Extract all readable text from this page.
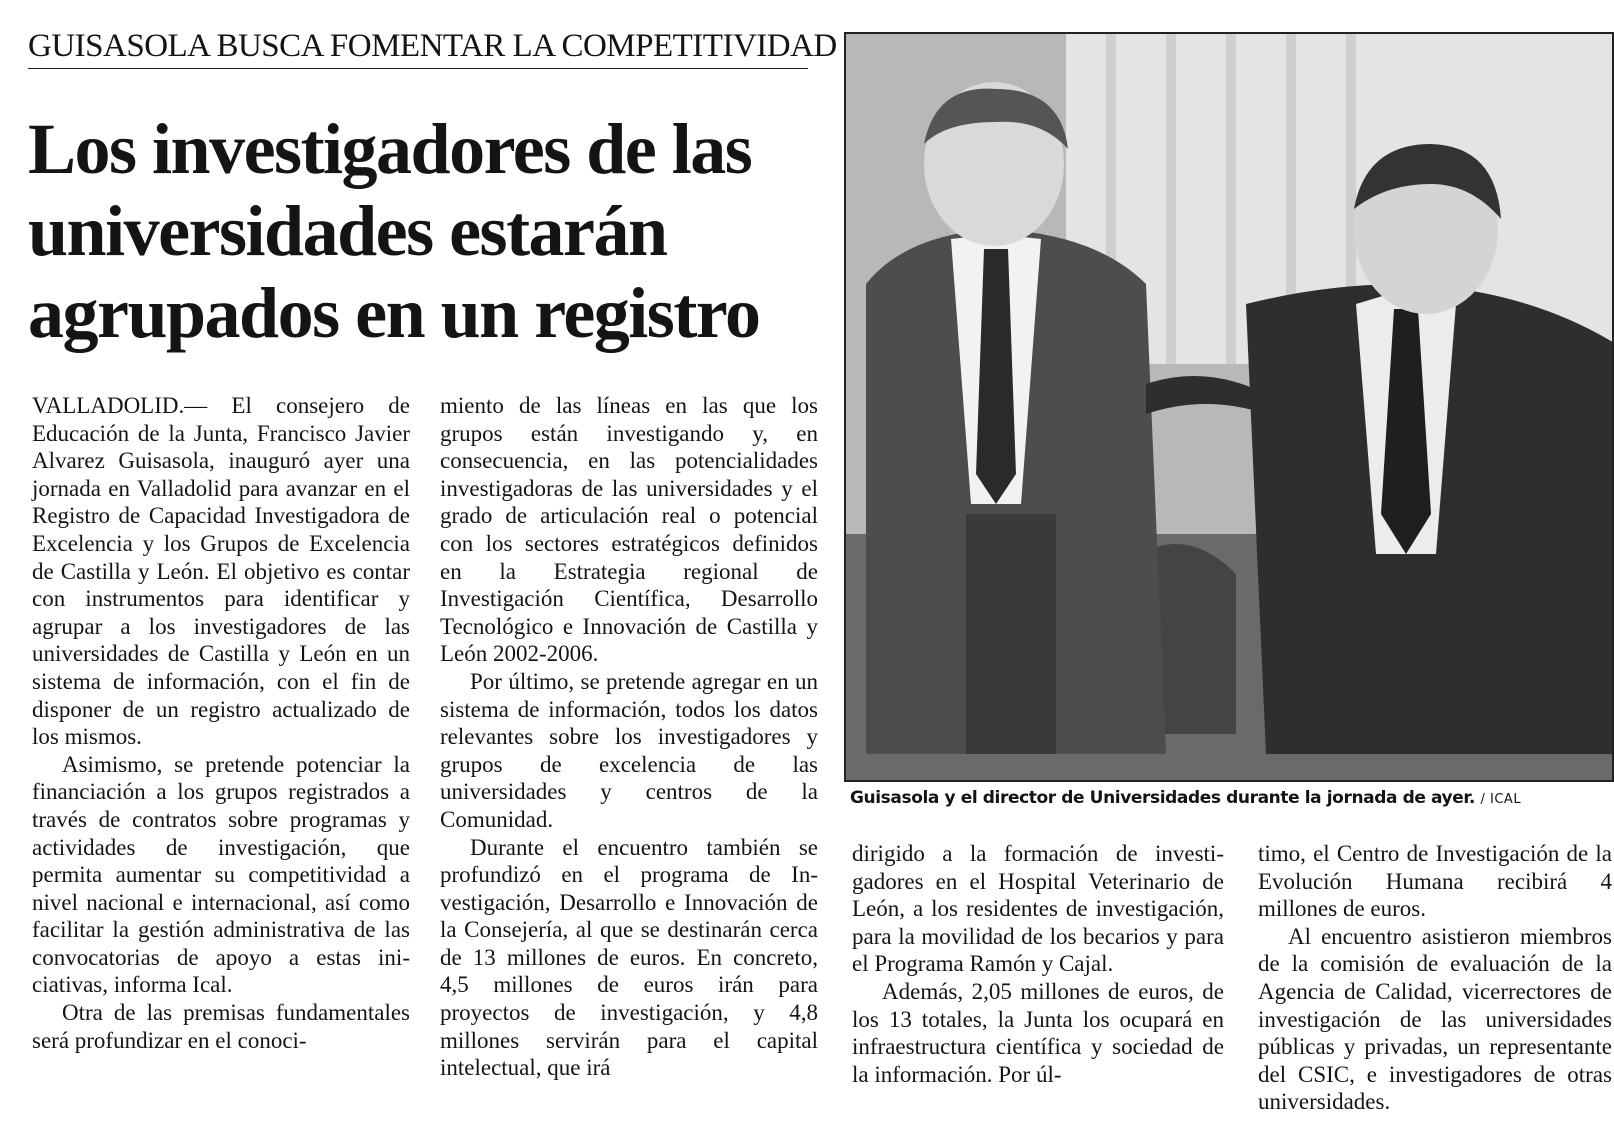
GUISASOLA BUSCA FOMENTAR LA COMPETITIVIDAD
Los investigadores de las
universidades estarán
agrupados en un registro

VALLADOLID.— El consejero de Educación de la Junta, Francisco Javier Alvarez Guisasola, inauguró ayer una jornada en Valladolid para avanzar en el Registro de Capacidad Investigadora de Excelencia y los Grupos de Excelencia de Castilla y León. El objetivo es contar con instrumentos para identificar y agrupar a los investigadores de las universidades de Castilla y León en un sistema de información, con el fin de disponer de un registro actualizado de los mismos.

Asimismo, se pretende potenciar la financiación a los grupos registrados a través de contratos sobre programas y actividades de investigación, que permita aumentar su competitividad a nivel nacional e internacional, así como facilitar la gestión administrativa de las convocatorias de apoyo a estas iniciativas, informa Ical.

Otra de las premisas fundamentales será profundizar en el conoci-

miento de las líneas en las que los grupos están investigando y, en consecuencia, en las potencialidades investigadoras de las universidades y el grado de articulación real o potencial con los sectores estratégicos definidos en la Estrategia regional de Investigación Científica, Desarrollo Tecnológico e Innovación de Castilla y León 2002-2006.

Por último, se pretende agregar en un sistema de información, todos los datos relevantes sobre los investigadores y grupos de excelencia de las universidades y centros de la Comunidad.

Durante el encuentro también se profundizó en el programa de Investigación, Desarrollo e Innovación de la Consejería, al que se destinarán cerca de 13 millones de euros. En concreto, 4,5 millones de euros irán para proyectos de investigación, y 4,8 millones servirán para el capital intelectual, que irá

Guisasola y el director de Universidades durante la jornada de ayer. / ICAL

dirigido a la formación de investigadores en el Hospital Veterinario de León, a los residentes de investigación, para la movilidad de los becarios y para el Programa Ramón y Cajal.

Además, 2,05 millones de euros, de los 13 totales, la Junta los ocupará en infraestructura científica y sociedad de la información. Por úl-

timo, el Centro de Investigación de la Evolución Humana recibirá 4 millones de euros.

Al encuentro asistieron miembros de la comisión de evaluación de la Agencia de Calidad, vicerrectores de investigación de las universidades públicas y privadas, un representante del CSIC, e investigadores de otras universidades.
